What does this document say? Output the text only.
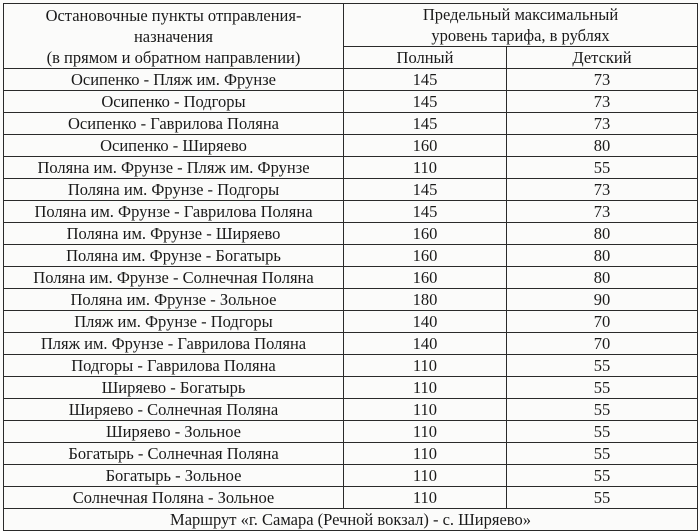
Остановочные пункты отправления-
назначения
(в прямом и обратном направлении)	Предельный максимальный
уровень тарифа, в рублях	
	Полный	Детский
Осипенко - Пляж им. Фрунзе	145	73
Осипенко - Подгоры	145	73
Осипенко - Гаврилова Поляна	145	73
Осипенко - Ширяево	160	80
Поляна им. Фрунзе - Пляж им. Фрунзе	110	55
Поляна им. Фрунзе - Подгоры	145	73
Поляна им. Фрунзе - Гаврилова Поляна	145	73
Поляна им. Фрунзе - Ширяево	160	80
Поляна им. Фрунзе - Богатырь	160	80
Поляна им. Фрунзе - Солнечная Поляна	160	80
Поляна им. Фрунзе - Зольное	180	90
Пляж им. Фрунзе - Подгоры	140	70
Пляж им. Фрунзе - Гаврилова Поляна	140	70
Подгоры - Гаврилова Поляна	110	55
Ширяево - Богатырь	110	55
Ширяево - Солнечная Поляна	110	55
Ширяево - Зольное	110	55
Богатырь - Солнечная Поляна	110	55
Богатырь - Зольное	110	55
Солнечная Поляна - Зольное	110	55
Маршрут «г. Самара (Речной вокзал) - с. Ширяево»		
